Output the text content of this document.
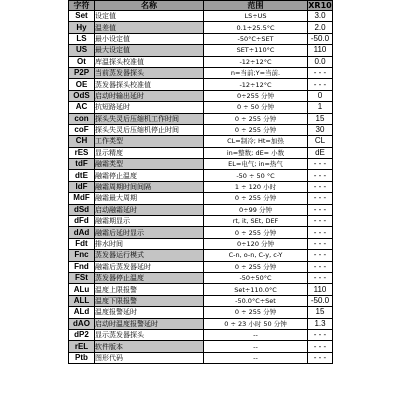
字符	名称	范围	XR10
Set	设定值	LS÷US	3.0
Hy	温差值	0.1÷25.5°C	2.0
LS	最小设定值	-50°C÷SET	-50.0
US	最大设定值	SET÷110°C	110
Ot	库温探头校准值	-12÷12°C	0.0
P2P	当前蒸发器探头	n=当前;Y=当前.	- - -
OE	蒸发器探头校准值	-12÷12°C	- - -
OdS	启动时输出延时	0÷255 分钟	0
AC	抗短路延时	0 ÷ 50 分钟	1
con	探头失灵后压缩机工作时间	0 ÷ 255 分钟	15
coF	探头失灵后压缩机停止时间	0 ÷ 255 分钟	30
CH	工作类型	CL=制冷; Ht=加热	CL
rES	显示精度	in=整数; dE= 小数	dE
tdF	融霜类型	EL=电气; in=热气	- - -
dtE	融霜停止温度	-50 ÷ 50 °C	- - -
IdF	融霜周期时间间隔	1 ÷ 120 小时	- - -
MdF	融霜最大周期	0 ÷ 255 分钟	- - -
dSd	启动融霜延时	0÷99 分钟	- - -
dFd	融霜期显示	rt, it, SEt, DEF	- - -
dAd	融霜后延时显示	0 ÷ 255 分钟	- - -
Fdt	排水时间	0÷120 分钟	- - -
Fnc	蒸发器运行模式	C-n, o-n, C-y, c-Y	- - -
Fnd	融霜后蒸发器延时	0 ÷ 255 分钟	- - -
FSt	蒸发器停止温度	-50÷50°C	- - -
ALu	温度上限报警	Set÷110.0°C	110
ALL	温度下限报警	-50.0°C÷Set	-50.0
ALd	温度报警延时	0 ÷ 255 分钟	15
dAO	启动时温度报警延时	0 ÷ 23 小时 50 分钟	1.3
dP2	显示蒸发器探头	--	- - -
rEL	软件版本	--	- - -
Ptb	图形代码	--	- - -
